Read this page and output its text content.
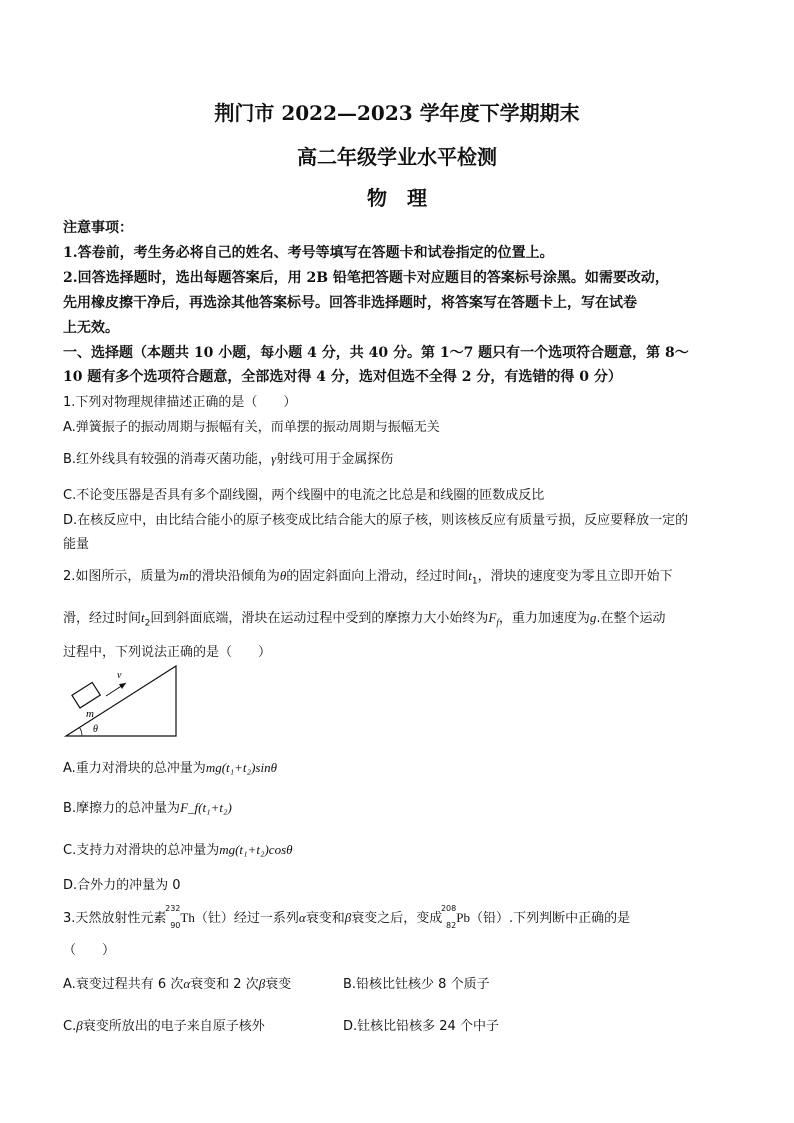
荆门市 2022—2023 学年度下学期期末
高二年级学业水平检测
物　理
注意事项：
1.答卷前，考生务必将自己的姓名、考号等填写在答题卡和试卷指定的位置上。
2.回答选择题时，选出每题答案后，用 2B 铅笔把答题卡对应题目的答案标号涂黑。如需要改动，
先用橡皮擦干净后，再选涂其他答案标号。回答非选择题时，将答案写在答题卡上，写在试卷
上无效。
一、选择题（本题共 10 小题，每小题 4 分，共 40 分。第 1～7 题只有一个选项符合题意，第 8～
10 题有多个选项符合题意，全部选对得 4 分，选对但选不全得 2 分，有选错的得 0 分）
1.下列对物理规律描述正确的是（　　）
A.弹簧振子的振动周期与振幅有关，而单摆的振动周期与振幅无关
B.红外线具有较强的消毒灭菌功能，γ射线可用于金属探伤
C.不论变压器是否具有多个副线圈，两个线圈中的电流之比总是和线圈的匝数成反比
D.在核反应中，由比结合能小的原子核变成比结合能大的原子核，则该核反应有质量亏损，反应要释放一定的
能量
2.如图所示，质量为m的滑块沿倾角为θ的固定斜面向上滑动，经过时间$t_1$，滑块的速度变为零且立即开始下
滑，经过时间$t_2$回到斜面底端，滑块在运动过程中受到的摩擦力大小始终为$F_f$，重力加速度为g.在整个运动
过程中，下列说法正确的是（　　）
m
v
θ
A.重力对滑块的总冲量为mg(t₁+t₂)sinθ
B.摩擦力的总冲量为F_f(t₁+t₂)
C.支持力对滑块的总冲量为mg(t₁+t₂)cosθ
D.合外力的冲量为 0
3.天然放射性元素
232
90
Th（钍）经过一系列α衰变和β衰变之后，变成
208
82
Pb（铅）.下列判断中正确的是
（　　）
A.衰变过程共有 6 次α衰变和 2 次β衰变	B.铅核比钍核少 8 个质子
C.β衰变所放出的电子来自原子核外	D.钍核比铅核多 24 个中子
